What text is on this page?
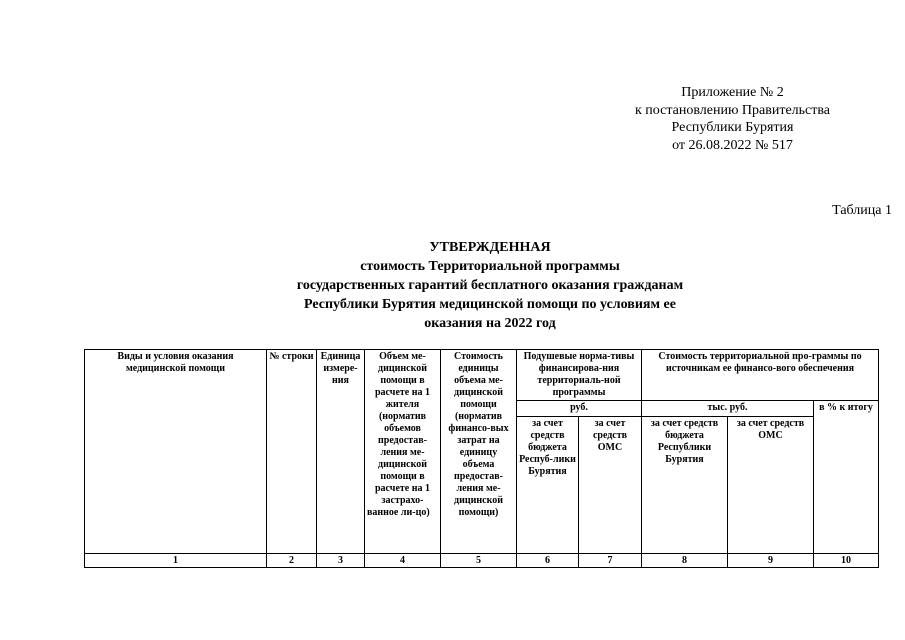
Приложение № 2
к постановлению Правительства
Республики Бурятия
от 26.08.2022 № 517
Таблица 1
УТВЕРЖДЕННАЯ
стоимость Территориальной программы
государственных гарантий бесплатного оказания гражданам
Республики Бурятия медицинской помощи по условиям ее
оказания на 2022 год
Виды и условия оказания медицинской помощи	№ строки	Единица измере-ния	Объем ме-дицинской помощи в расчете на 1 жителя (норматив объемов предостав-ления ме-дицинской помощи в расчете на 1 застрахо-ванное ли-цо)	Стоимость единицы объема ме-дицинской помощи (норматив финансо-вых затрат на единицу объема предостав-ления ме-дицинской помощи)	Подушевые норма-тивы финансирова-ния территориаль-ной программы		Стоимость территориальной про-граммы по источникам ее финансо-вого обеспечения		
					руб.		тыс. руб.		в % к итогу
					за счет средств бюджета Респуб-лики Бурятия	за счет средств ОМС	за счет средств бюджета Республики Бурятия	за счет средств ОМС	
1	2	3	4	5	6	7	8	9	10
